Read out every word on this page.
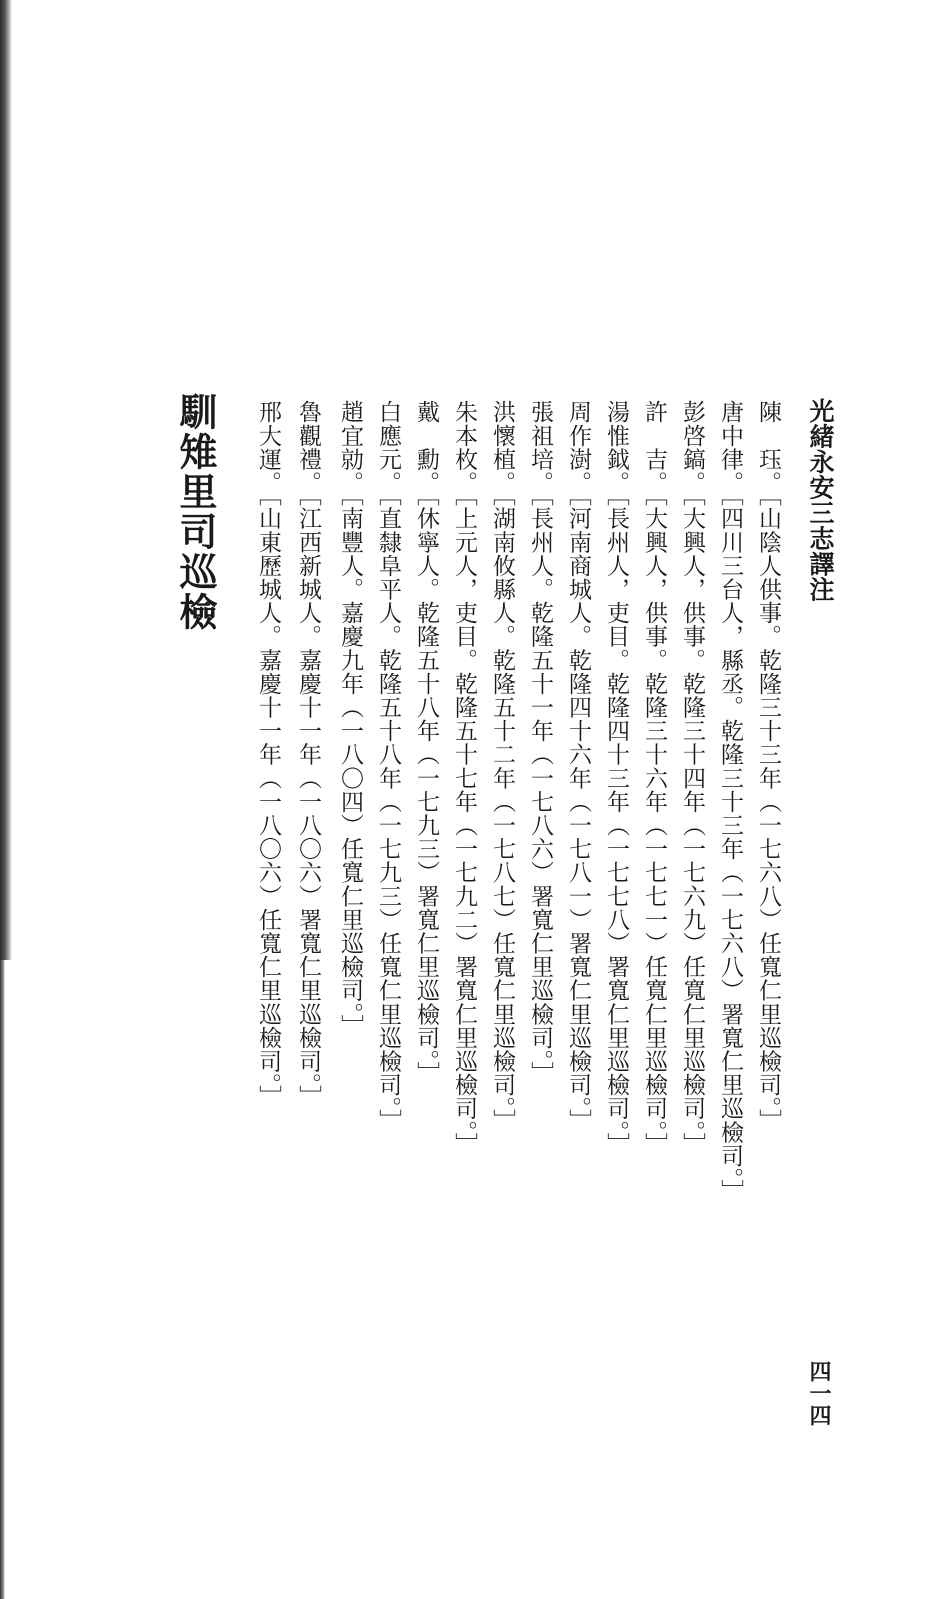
光緒永安三志譯注
四一四
馴雉里司巡檢	陳　珏。［山陰人供事。乾隆三十三年（一七六八）任寬仁里巡檢司。］
唐中律。［四川三台人，縣丞。乾隆三十三年（一七六八）署寬仁里巡檢司。］
彭啓鎬。［大興人，供事。乾隆三十四年（一七六九）任寬仁里巡檢司。］
許　吉。［大興人，供事。乾隆三十六年（一七七一）任寬仁里巡檢司。］
湯惟鉞。［長州人，吏目。乾隆四十三年（一七七八）署寬仁里巡檢司。］
周作澍。［河南商城人。乾隆四十六年（一七八一）署寬仁里巡檢司。］
張祖培。［長州人。乾隆五十一年（一七八六）署寬仁里巡檢司。］
洪懷植。［湖南攸縣人。乾隆五十二年（一七八七）任寬仁里巡檢司。］
朱本枚。［上元人，吏目。乾隆五十七年（一七九二）署寬仁里巡檢司。］
戴　勳。［休寧人。乾隆五十八年（一七九三）署寬仁里巡檢司。］
白應元。［直隸阜平人。乾隆五十八年（一七九三）任寬仁里巡檢司。］
趙宜勍。［南豐人。嘉慶九年（一八〇四）任寬仁里巡檢司。］
魯觀禮。［江西新城人。嘉慶十一年（一八〇六）署寬仁里巡檢司。］
邢大運。［山東歷城人。嘉慶十一年（一八〇六）任寬仁里巡檢司。］
